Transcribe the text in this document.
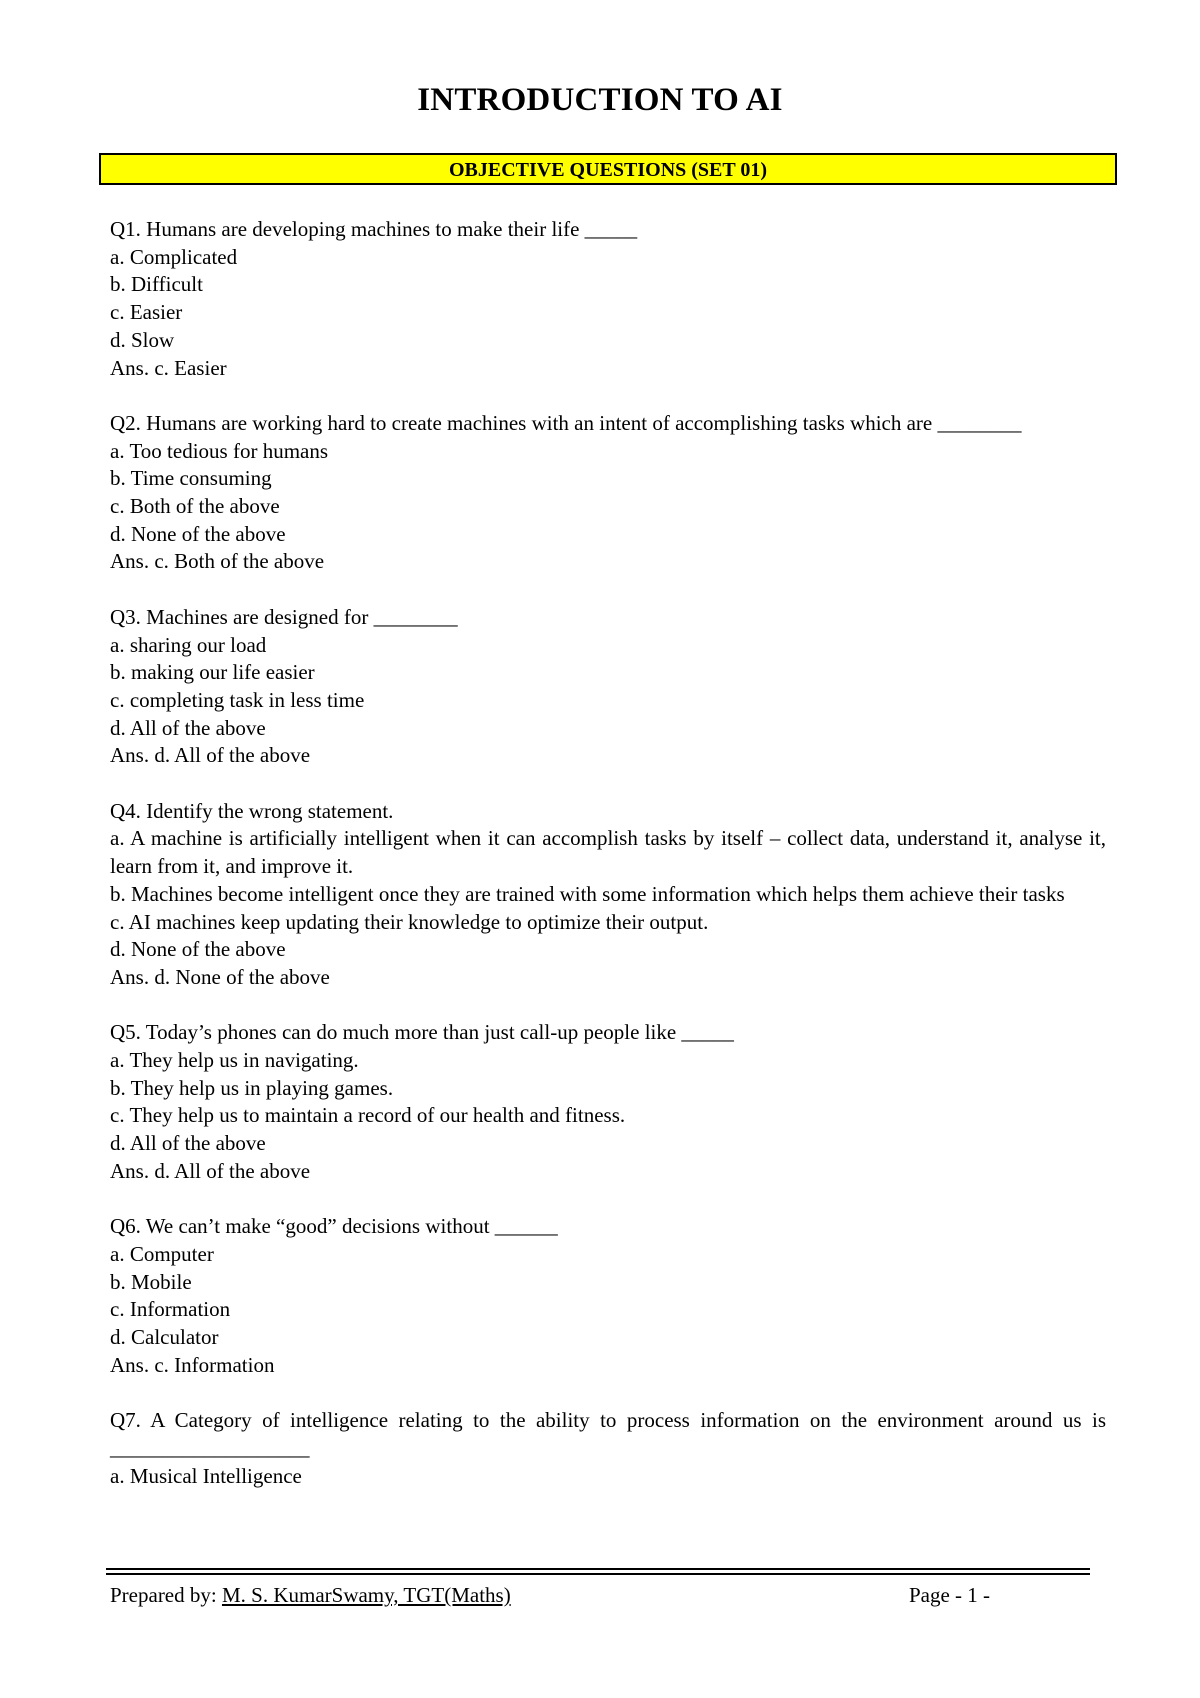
INTRODUCTION TO AI
OBJECTIVE QUESTIONS (SET 01)
Q1. Humans are developing machines to make their life _____
a. Complicated
b. Difficult
c. Easier
d. Slow
Ans. c. Easier
Q2. Humans are working hard to create machines with an intent of accomplishing tasks which are ________
a. Too tedious for humans
b. Time consuming
c. Both of the above
d. None of the above
Ans. c. Both of the above
Q3. Machines are designed for ________
a. sharing our load
b. making our life easier
c. completing task in less time
d. All of the above
Ans. d. All of the above
Q4. Identify the wrong statement.
a. A machine is artificially intelligent when it can accomplish tasks by itself – collect data, understand it, analyse it, learn from it, and improve it.
b. Machines become intelligent once they are trained with some information which helps them achieve their tasks
c. AI machines keep updating their knowledge to optimize their output.
d. None of the above
Ans. d. None of the above
Q5. Today’s phones can do much more than just call-up people like _____
a. They help us in navigating.
b. They help us in playing games.
c. They help us to maintain a record of our health and fitness.
d. All of the above
Ans. d. All of the above
Q6. We can’t make “good” decisions without ______
a. Computer
b. Mobile
c. Information
d. Calculator
Ans. c. Information
Q7. A Category of intelligence relating to the ability to process information on the environment around us is ___________________
a. Musical Intelligence
Prepared by: M. S. KumarSwamy, TGT(Maths)	Page - 1 -
